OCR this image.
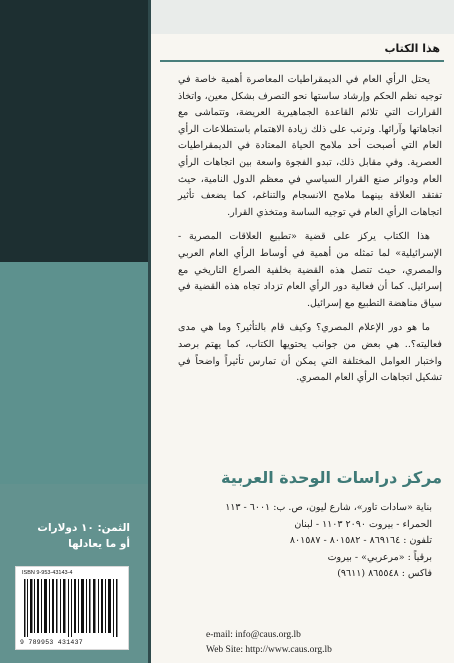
الثمن: ١٠ دولارات
أو ما يعادلها
ISBN 9-953-43143-4
9 789953 431437
هذا الكتاب

يحتل الرأي العام في الديمقراطيات المعاصرة أهمية خاصة في توجيه نظم الحكم وإرشاد ساستها نحو التصرف بشكل معين، واتخاذ القرارات التي تلائم القاعدة الجماهيرية العريضة، وتتماشى مع اتجاهاتها وآرائها. وترتب على ذلك زيادة الاهتمام باستطلاعات الرأي العام التي أصبحت أحد ملامح الحياة المعتادة في الديمقراطيات العصرية. وفي مقابل ذلك، تبدو الفجوة واسعة بين اتجاهات الرأي العام ودوائر صنع القرار السياسي في معظم الدول النامية، حيث تفتقد العلاقة بينهما ملامح الانسجام والتناغم، كما يضعف تأثير اتجاهات الرأي العام في توجيه الساسة ومتخذي القرار.

هذا الكتاب يركز على قضية «تطبيع العلاقات المصرية - الإسرائيلية» لما تمثله من أهمية في أوساط الرأي العام العربي والمصري، حيث تتصل هذه القضية بخلفية الصراع التاريخي مع إسرائيل. كما أن فعالية دور الرأي العام تزداد تجاه هذه القضية في سياق مناهضة التطبيع مع إسرائيل.

ما هو دور الإعلام المصري؟ وكيف قام بالتأثير؟ وما هي مدى فعاليته؟.. هي بعض من جوانب يحتويها الكتاب، كما يهتم برصد واختبار العوامل المختلفة التي يمكن أن تمارس تأثيراً واضحاً في تشكيل اتجاهات الرأي العام المصري.

مركز دراسات الوحدة العربية
بناية «سادات تاور»، شارع ليون، ص. ب: ٦٠٠١ - ١١٣
الحمراء - بيروت ٢٠٩٠ ١١٠٣ - لبنان
تلفون : ٨٦٩١٦٤ - ٨٠١٥٨٢ - ٨٠١٥٨٧
برقياً : «مرعربي» - بيروت
فاكس : ٨٦٥٥٤٨ (٩٦١١)
e-mail: info@caus.org.lb
Web Site: http://www.caus.org.lb
